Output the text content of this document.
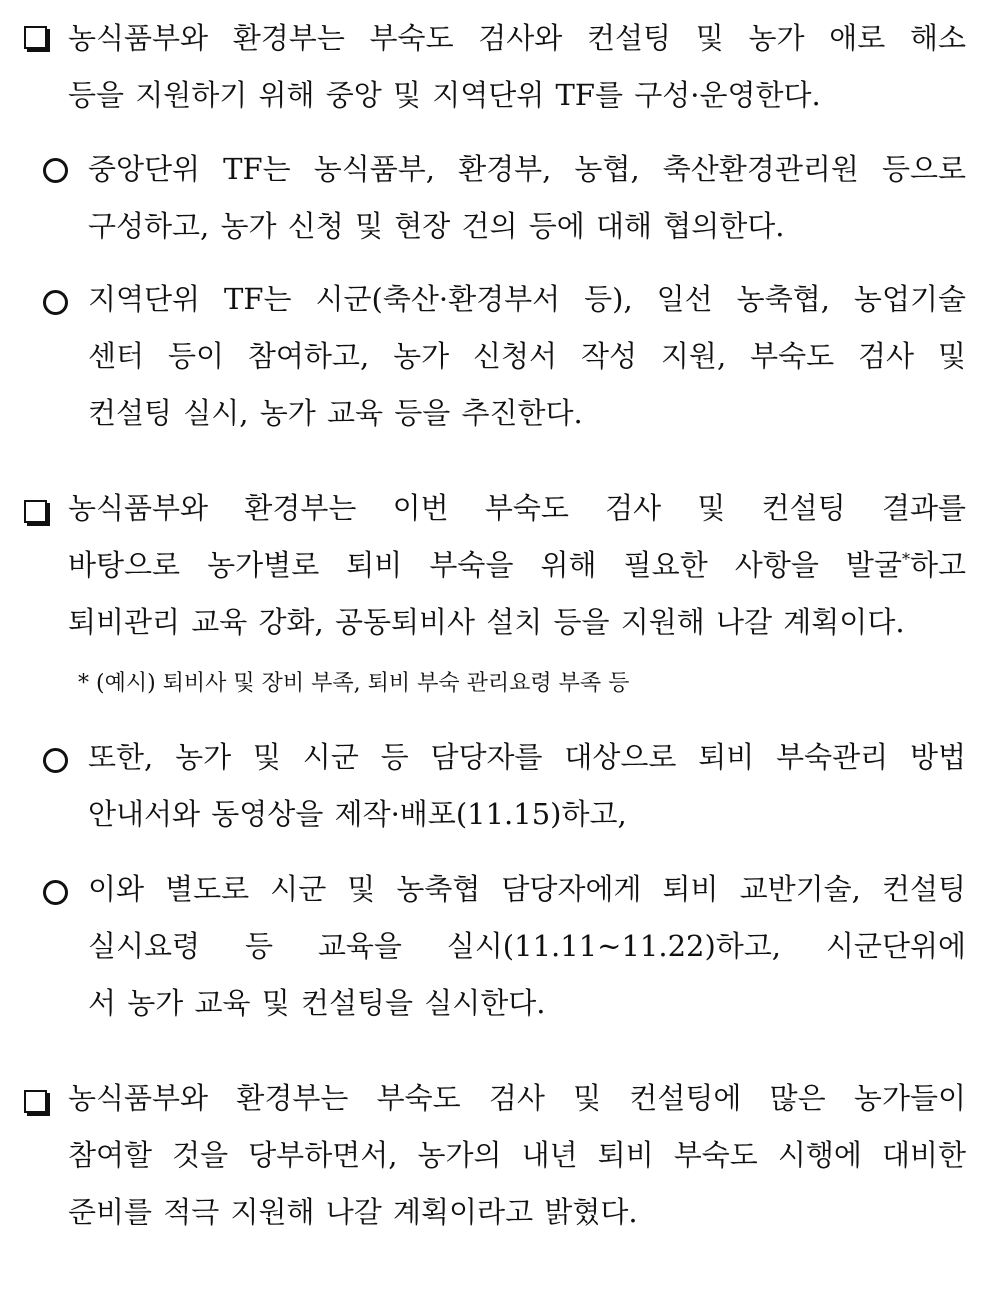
농식품부와 환경부는 부숙도 검사와 컨설팅 및 농가 애로 해소
등을 지원하기 위해 중앙 및 지역단위 TF를 구성·운영한다.
중앙단위 TF는 농식품부, 환경부, 농협, 축산환경관리원 등으로
구성하고, 농가 신청 및 현장 건의 등에 대해 협의한다.
지역단위 TF는 시군(축산·환경부서 등), 일선 농축협, 농업기술
센터 등이 참여하고, 농가 신청서 작성 지원, 부숙도 검사 및
컨설팅 실시, 농가 교육 등을 추진한다.
농식품부와 환경부는 이번 부숙도 검사 및 컨설팅 결과를
바탕으로 농가별로 퇴비 부숙을 위해 필요한 사항을 발굴*하고
퇴비관리 교육 강화, 공동퇴비사 설치 등을 지원해 나갈 계획이다.
* (예시) 퇴비사 및 장비 부족, 퇴비 부숙 관리요령 부족 등
또한, 농가 및 시군 등 담당자를 대상으로 퇴비 부숙관리 방법
안내서와 동영상을 제작·배포(11.15)하고,
이와 별도로 시군 및 농축협 담당자에게 퇴비 교반기술, 컨설팅
실시요령 등 교육을 실시(11.11~11.22)하고, 시군단위에
서 농가 교육 및 컨설팅을 실시한다.
농식품부와 환경부는 부숙도 검사 및 컨설팅에 많은 농가들이
참여할 것을 당부하면서, 농가의 내년 퇴비 부숙도 시행에 대비한
준비를 적극 지원해 나갈 계획이라고 밝혔다.
